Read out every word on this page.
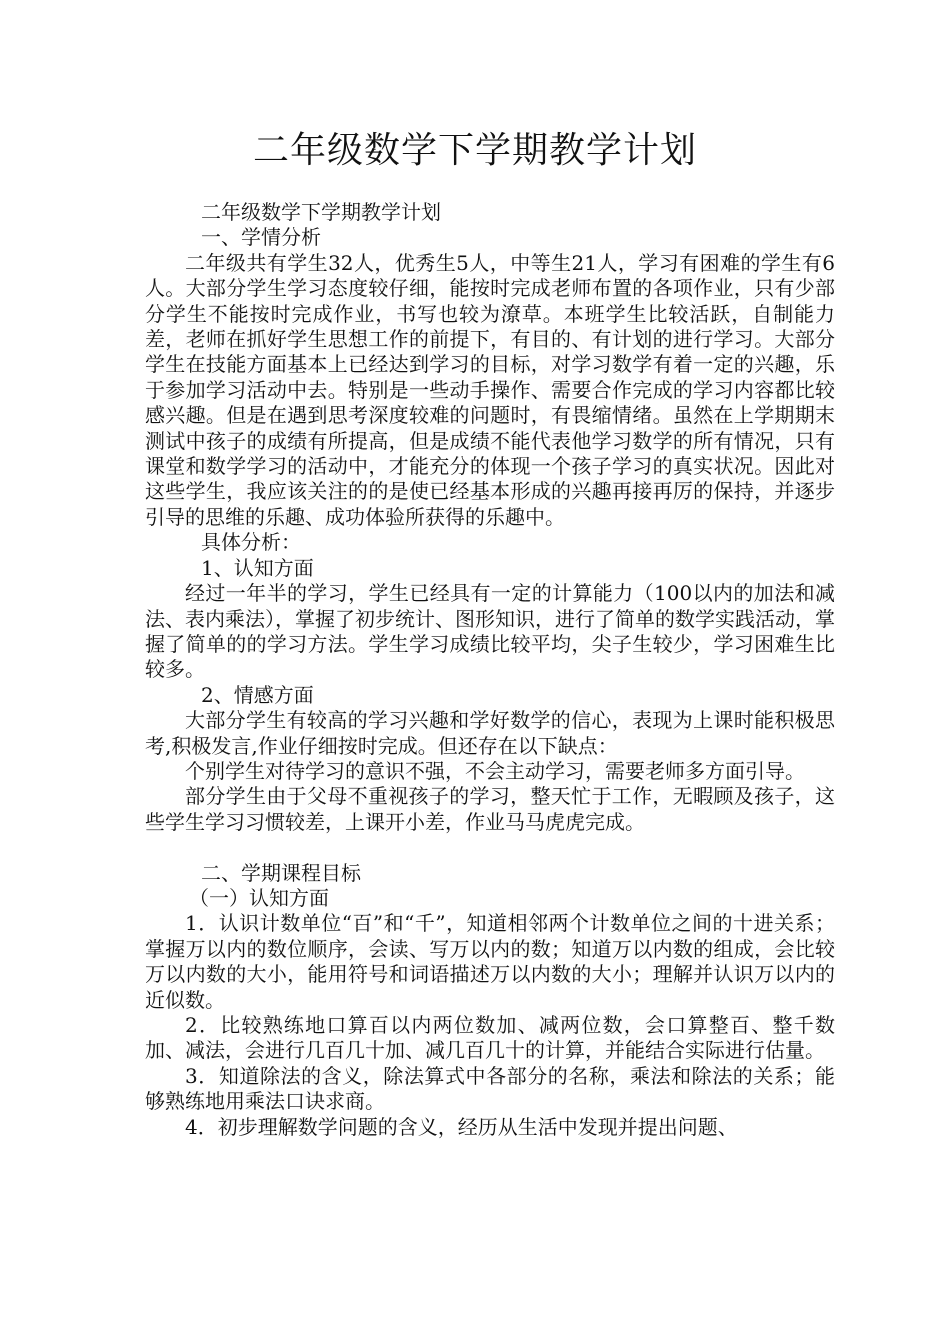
二年级数学下学期教学计划

二年级数学下学期教学计划

一、学情分析

二年级共有学生32人，优秀生5人，中等生21人，学习有困难的学生有6人。大部分学生学习态度较仔细，能按时完成老师布置的各项作业，只有少部分学生不能按时完成作业，书写也较为潦草。本班学生比较活跃，自制能力差，老师在抓好学生思想工作的前提下，有目的、有计划的进行学习。大部分学生在技能方面基本上已经达到学习的目标，对学习数学有着一定的兴趣，乐于参加学习活动中去。特别是一些动手操作、需要合作完成的学习内容都比较感兴趣。但是在遇到思考深度较难的问题时，有畏缩情绪。虽然在上学期期末测试中孩子的成绩有所提高，但是成绩不能代表他学习数学的所有情况，只有课堂和数学学习的活动中，才能充分的体现一个孩子学习的真实状况。因此对这些学生，我应该关注的的是使已经基本形成的兴趣再接再厉的保持，并逐步引导的思维的乐趣、成功体验所获得的乐趣中。

具体分析：

1、认知方面

经过一年半的学习，学生已经具有一定的计算能力（100以内的加法和减法、表内乘法），掌握了初步统计、图形知识，进行了简单的数学实践活动，掌握了简单的的学习方法。学生学习成绩比较平均，尖子生较少，学习困难生比较多。

2、情感方面

大部分学生有较高的学习兴趣和学好数学的信心，表现为上课时能积极思考,积极发言,作业仔细按时完成。但还存在以下缺点：

个别学生对待学习的意识不强，不会主动学习，需要老师多方面引导。

部分学生由于父母不重视孩子的学习，整天忙于工作，无暇顾及孩子，这些学生学习习惯较差，上课开小差，作业马马虎虎完成。

二、学期课程目标

（一）认知方面

1．认识计数单位“百”和“千”，知道相邻两个计数单位之间的十进关系；掌握万以内的数位顺序，会读、写万以内的数；知道万以内数的组成，会比较万以内数的大小，能用符号和词语描述万以内数的大小；理解并认识万以内的近似数。

2．比较熟练地口算百以内两位数加、减两位数，会口算整百、整千数加、减法，会进行几百几十加、减几百几十的计算，并能结合实际进行估量。

3．知道除法的含义，除法算式中各部分的名称，乘法和除法的关系；能够熟练地用乘法口诀求商。

4．初步理解数学问题的含义，经历从生活中发现并提出问题、
